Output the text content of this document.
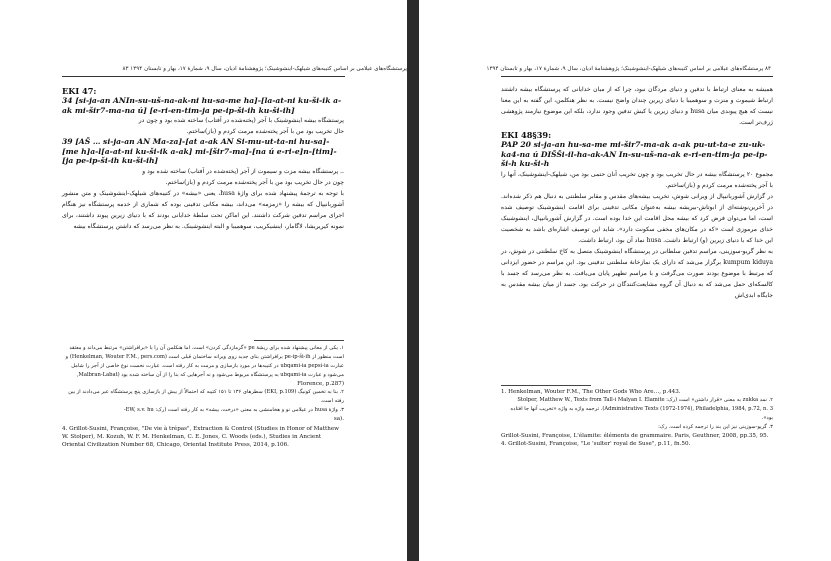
پرستشگاه‌های عیلامی بر اساس کتیبه‌های شیلهک-اینشوشینک؛ پژوهشنامهٔ ادیان، سال ۹، شمارهٔ ۱۷، بهار و تابستان ۱۳۹۴ ۸۳
EKI 47:
34 [si-ja-an ANIn-su-uš-na-ak-ni hu-sa-me ha]-[la-at-ni ku-ši-ik a-ak mi-šir7-ma-na ú] [e-ri-en-tim-ja pe-ip-ši-ih ku-ši-ih]
پرستشگاه بیشه اینشوشینک با آجر (پخته‌شده در آفتاب) ساخته شده بود و چون در
حال تخریب بود من با آجر پخته‌شده مرمت کردم و (باز)ساختم.
39 [AŠ … si-ja-an AN Ma-za]-[at a-ak AN Si-mu-ut-ta-ni hu-sa]-[me h]a-l[a-at-ni ku-ši-ik a-ak] mi-[šir7-ma]-[na ú e-ri-e]n-[tim]-[ja pe-ip-ši-ih ku-ši-ih]
.. پرستشگاه بیشه مزت و سیموت از آجر (پخته‌شده در آفتاب) ساخته شده بود و
چون در حال تخریب بود من با آجر پخته‌شده مرمت کردم و (باز)ساختم.
با توجه به ترجمهٔ پیشنهاد شده برای واژهٔ husa، یعنی «بیشه» در کتیبه‌های شیلهک-اینشوشینک و متن منشور آشوربانیپال که بیشه را «زمزمه» می‌داند، بیشه مکانی تدفینی بوده که شماری از خدمه پرستشگاه نیز هنگام اجرای مراسم تدفین شرکت داشتند. این اماکن تحت سلطهٔ خدایانی بودند که با دنیای زیرین پیوند داشتند، برای نمونه کیریریشا، لاگامار، اینشیکریب، سوهمیبا و البته اینشوشینک. به نظر می‌رسد که داشتن پرستشگاه بیشه
۱. یکی از معانی پیشنهاد شده برای ریشهٔ pe «گرمازدگی کردن» است. اما هنکلمن آن را با «برافراشتن» مرتبط می‌داند و معتقد است منظور از pe-ip-ši-ih برافراشتن بنای جدید روی ویرانه ساختمان قبلی است (Henkelman, Wouter F.M., pers.com) و عبارت ubqami-ia pepsi-ia در کتیبه‌ها در مورد بازسازی و مرمت به کار رفته است. عبارت نخست نوع خاصی از آجر را شامل می‌شود و عبارت ubqami-ia به پرستشگاه مربوط می‌شود و نه آجرهایی که بنا را از آن ساخته شده بود (Malbran-Labat,
Florence, p.287)
۲. بنا به تخمین کونیگ (EKI, p.109) سطرهای ۱۳۶ تا ۱۵۱ کتیبه که احتمالاً از بیش از بازسازی پنج پرستشگاه عبر می‌دادند از بین رفته است.
۳. واژهٔ husa در عیلامی نو و هخامنشی به معنی «درخت، بیشه» به کار رفته است (رک: EW, s.v. hu-
sa).
4. Grillot-Susini, Françoise, "De vie à trépas", Extraction & Control (Studies in Honor of Matthew W. Stolper), M. Kozuh, W. F. M. Henkelman, C. E. Jones, C. Woods (eds.), Studies in Ancient Oriental Civilization Number 68, Chicago, Oriental Institute Press, 2014, p.106.
۸۴ پرستشگاه‌های عیلامی بر اساس کتیبه‌های شیلهک-اینشوشینک؛ پژوهشنامهٔ ادیان، سال ۹، شمارهٔ ۱۷، بهار و تابستان ۱۳۹۴
همیشه به معنای ارتباط با تدفین و دنیای مردگان نبود، چرا که از میان خدایانی که پرستشگاه بیشه داشتند ارتباط شیموت و منزت و سوهمیبا با دنیای زیرین چندان واضح نیست. به نظر هنکلمن، این گفته به این معنا نیست که هیچ پیوندی میان husa و دنیای زیرین یا کیش تدفین وجود ندارد، بلکه این موضوع نیازمند پژوهشی ژرف‌تر است.
EKI 48§39:
PAP 20 si-ja-an hu-sa-me mi-šir7-ma-ak a-ak pu-ut-ta-e zu-uk-ka4-na ú DIŠŠi-il-ha-ak-AN In-su-uš-na-ak e-ri-en-tim-ja pe-ip-ši-h ku-ši-h
مجموع ۲۰ پرستشگاه بیشه در حال تخریب بود و چون تخریب آنان حتمی بود من، شیلهک-اینشوشینک، آنها را با آجر پخته‌شده مرمت کردم و (باز)ساختم.
در گزارش آشوربانیپال از ویرانی شوش، تخریب بیشه‌های مقدس و مقابر سلطنتی به دنبال هم ذکر شده‌اند. در آخرین‌نوشته‌ای از ابوتاش-بیریشه بیشه به‌عنوان مکانی تدفینی برای اقامت اینشوشینک توصیف شده است، اما می‌توان فرض کرد که بیشه محل اقامت این خدا بوده است. در گزارش آشوربانیپال، اینشوشینک خدای مرموزی است «که در مکان‌های مخفی سکونت دارد». شاید این توصیف اشاره‌ای باشد به شخصیت این خدا که با دنیای زیرین (و) ارتباط داشت. husa نماد آن بود، ارتباط داشت.
به نظر گریو-سوزینی، مراسم تدفین سلطانی در پرستشگاه اینشوشینک متصل به کاخ سلطنتی در شوش، در kumpum kiduya برگزار می‌شد که دارای یک نمازخانهٔ سلطنتی تدفینی بود. این مراسم در حضور ایزدانی که مرتبط با موضوع بودند صورت می‌گرفت و با مراسم تطهیر پایان می‌یافت. به نظر می‌رسد که جسد با کالسکه‌ای حمل می‌شد که به دنبال آن گروه مشایعت‌کنندگان در حرکت بود. جسد از میان بیشه مقدس به جایگاه ابدی‌اش
1. Henkelman, Wouter F.M., The Other Gods Who Are…, p.443.
۲. نمد zukka به معنی «قرار داشتن» است (رک: Stolper, Matthew W., Texts from Tall-i Malyan I. Elamite Administrative Texts (1972-1974), Philadelphia, 1984, p.72, n. 3). ترجمه واژه به واژه «تخریب آنها جا افتاده بود».
۳. گریو-سوزینی نیز این بند را ترجمه کرده است. رک:
Grillot-Susini, Françoise, L'élamite: éléments de grammaire. Paris, Geuthner, 2008, pp.35, 95.
4. Grillot-Susini, Françoise, "Le 'sulter' royal de Suse", p.11, fn.50.
